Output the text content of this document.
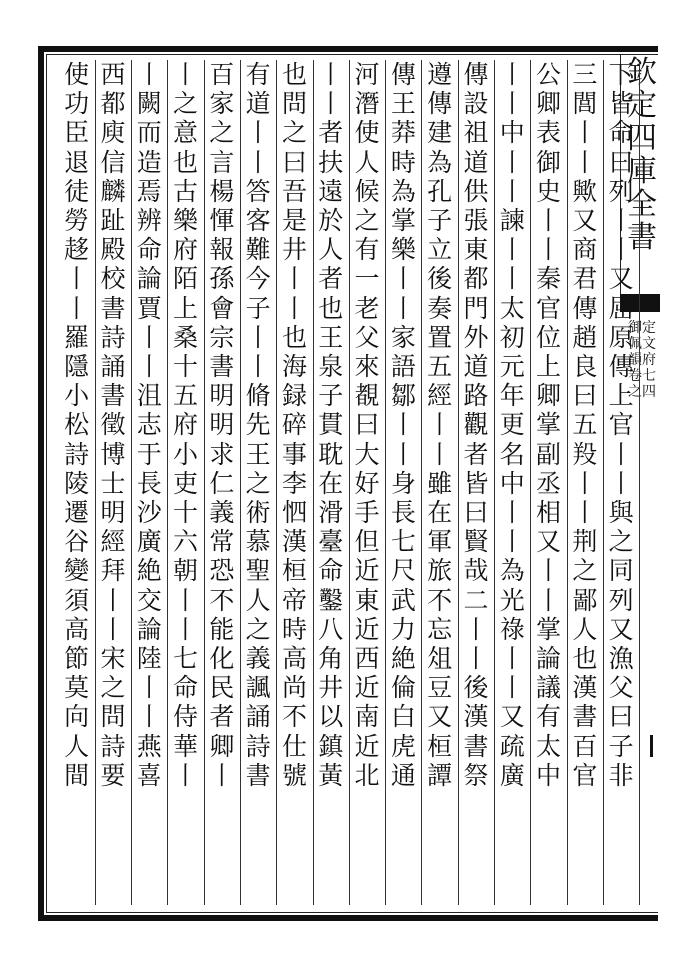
欽定四庫全書
御定佩文韻府 卷七之四
下皆命曰列丨丨又屈原傳上官丨丨與之同列又漁父曰子非
三閭丨丨歟又商君傳趙良曰五羖丨丨荆之鄙人也漢書百官
公卿表御史丨丨秦官位上卿掌副丞相又丨丨掌論議有太中
丨丨中丨丨諫丨丨太初元年更名中丨丨為光祿丨丨又疏廣
傳設祖道供張東都門外道路觀者皆曰賢哉二丨丨後漢書祭
遵傳建為孔子立後奏置五經丨丨雖在軍旅不忘俎豆又桓譚
傳王莽時為掌樂丨丨家語鄒丨丨身長七尺武力絶倫白虎通
河潛使人候之有一老父來覩曰大好手但近東近西近南近北
丨丨者扶遠於人者也王泉子貫耽在滑臺命鑿八角井以鎮黃
也問之曰吾是井丨丨也海録碎事李怬漢桓帝時高尚不仕號
有道丨丨答客難今子丨丨脩先王之術慕聖人之義諷誦詩書
百家之言楊惲報孫會宗書明明求仁義常恐不能化民者卿丨
丨之意也古樂府陌上桑十五府小吏十六朝丨丨七命侍華丨
丨闕而造焉辨命論賈丨丨沮志于長沙廣絶交論陸丨丨燕喜
西都庾信麟趾殿校書詩誦書徵博士明經拜丨丨宋之問詩要
使功臣退徒勞趍丨丨羅隱小松詩陵遷谷變須高節莫向人間
